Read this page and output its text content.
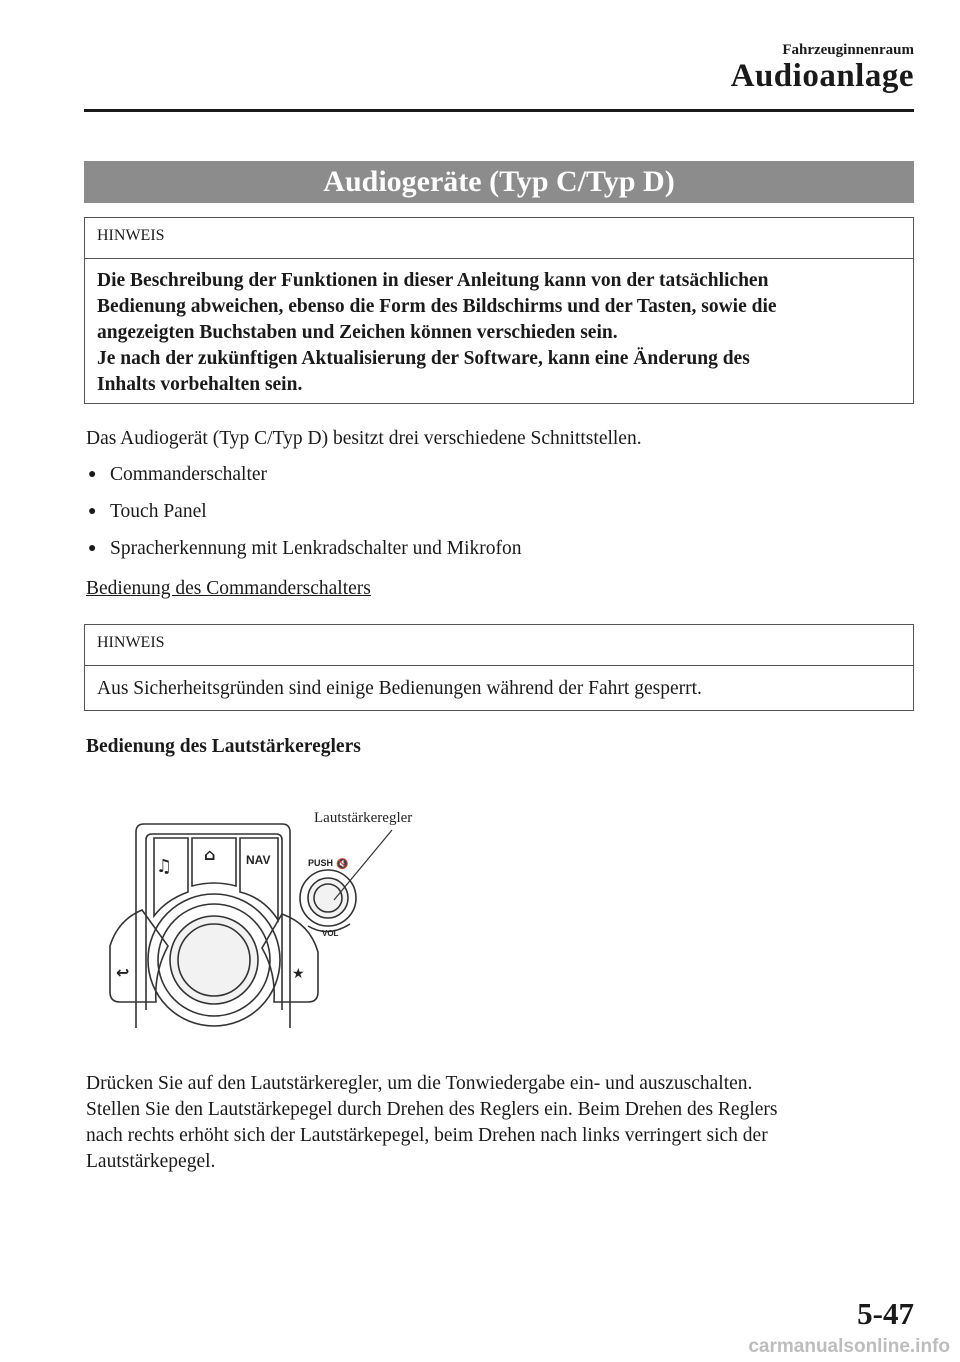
Fahrzeuginnenraum
Audioanlage
Audiogeräte (Typ C/Typ D)
HINWEIS
Die Beschreibung der Funktionen in dieser Anleitung kann von der tatsächlichen
Bedienung abweichen, ebenso die Form des Bildschirms und der Tasten, sowie die
angezeigten Buchstaben und Zeichen können verschieden sein.
Je nach der zukünftigen Aktualisierung der Software, kann eine Änderung des
Inhalts vorbehalten sein.
Das Audiogerät (Typ C/Typ D) besitzt drei verschiedene Schnittstellen.
● Commanderschalter
● Touch Panel
● Spracherkennung mit Lenkradschalter und Mikrofon
Bedienung des Commanderschalters
HINWEIS
Aus Sicherheitsgründen sind einige Bedienungen während der Fahrt gesperrt.
Bedienung des Lautstärkereglers
♫
⌂	NAV
↩	★
PUSH 🔇
VOL
Lautstärkeregler
Drücken Sie auf den Lautstärkeregler, um die Tonwiedergabe ein- und auszuschalten.
Stellen Sie den Lautstärkepegel durch Drehen des Reglers ein. Beim Drehen des Reglers
nach rechts erhöht sich der Lautstärkepegel, beim Drehen nach links verringert sich der
Lautstärkepegel.
5-47
carmanualsonline.info
